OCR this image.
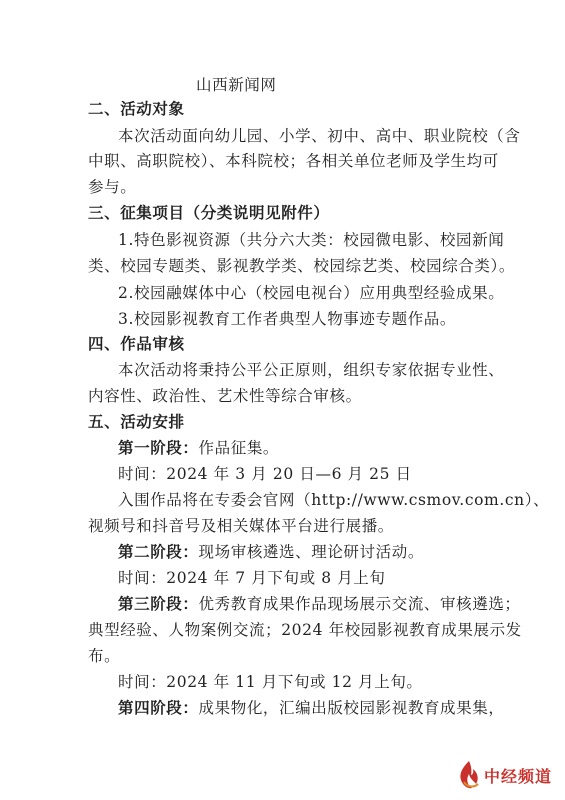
山西新闻网
二、活动对象
本次活动面向幼儿园、小学、初中、高中、职业院校（含
中职、高职院校）、本科院校；各相关单位老师及学生均可
参与。
三、征集项目（分类说明见附件）
1.特色影视资源（共分六大类：校园微电影、校园新闻
类、校园专题类、影视教学类、校园综艺类、校园综合类）。
2.校园融媒体中心（校园电视台）应用典型经验成果。
3.校园影视教育工作者典型人物事迹专题作品。
四、作品审核
本次活动将秉持公平公正原则，组织专家依据专业性、
内容性、政治性、艺术性等综合审核。
五、活动安排
第一阶段：作品征集。
时间：2024 年 3 月 20 日—6 月 25 日
入围作品将在专委会官网（http://www.csmov.com.cn）、
视频号和抖音号及相关媒体平台进行展播。
第二阶段：现场审核遴选、理论研讨活动。
时间：2024 年 7 月下旬或 8 月上旬
第三阶段：优秀教育成果作品现场展示交流、审核遴选；
典型经验、人物案例交流；2024 年校园影视教育成果展示发
布。
时间：2024 年 11 月下旬或 12 月上旬。
第四阶段：成果物化，汇编出版校园影视教育成果集，
中经频道
